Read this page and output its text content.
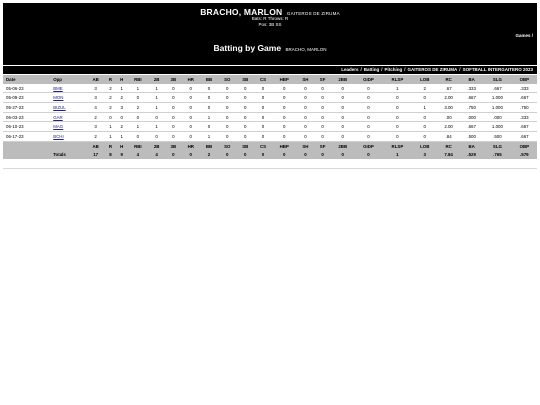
BRACHO, MARLON GAITEROS DE ZIRUMA
Bats: R Throws: R
Pos: 3B SS
Games /
Batting by Game BRACHO, MARLON
Leaders / Batting / Pitching / GAITEROS DE ZIRUMA / SOFTBALL INTERGAITERO 2023
Date	Opp	AB	R	H	RBI	2B	3B	HR	BB	SO	SB	CS	HBP	SH	SF	2BB	GIDP	RLSP	LOB	RC	BA	SLG	OBP
05-06-23	BME	3	2	1	1	1	0	0	0	0	0	0	0	0	0	0	0	1	2	.67	.333	.667	.333
05-09-23	MON	3	2	2	0	1	0	0	0	0	0	0	0	0	0	0	0	0	0	2.00	.667	1.000	.667
05-27-23	BIZUL	4	2	3	2	1	0	0	0	0	0	0	0	0	0	0	0	0	1	3.00	.750	1.000	.750
06-03-23	GAR	2	0	0	0	0	0	0	1	0	0	0	0	0	0	0	0	0	0	.00	.000	.000	.333
06-10-23	MAG	3	1	2	1	1	0	0	0	0	0	0	0	0	0	0	0	0	0	2.00	.667	1.000	.667
06-17-23	BCHI	2	1	1	0	0	0	0	1	0	0	0	0	0	0	0	0	0	0	.84	.500	.500	.667
		AB	R	H	RBI	2B	3B	HR	BB	SO	SB	CS	HBP	SH	SF	2BB	GIDP	RLSP	LOB	RC	BA	SLG	OBP
	Totals	17	8	9	4	4	0	0	2	0	0	0	0	0	0	0	0	1	3	7.84	.529	.765	.579
